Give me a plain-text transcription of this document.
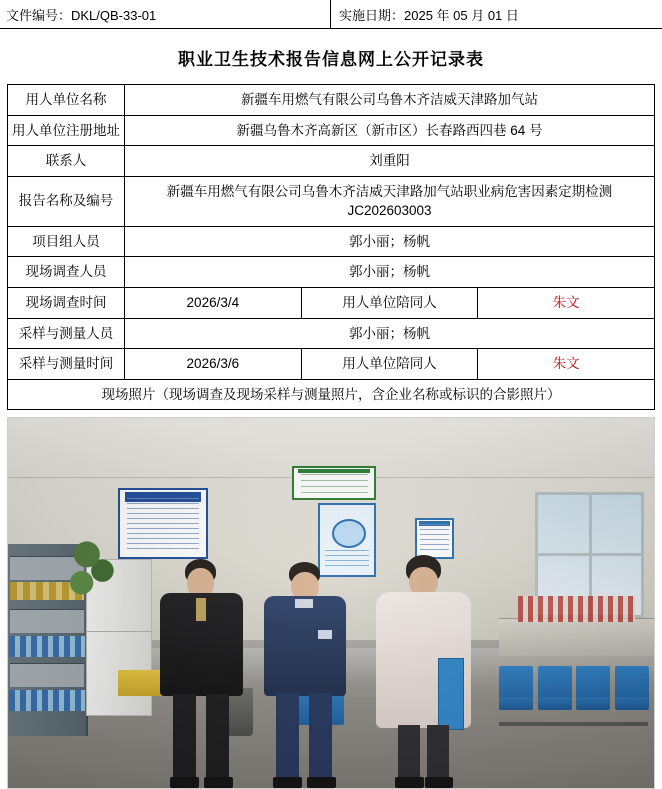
文件编号：DKL/QB-33-01	实施日期：2025 年 05 月 01 日
职业卫生技术报告信息网上公开记录表
用人单位名称	新疆车用燃气有限公司乌鲁木齐洁威天津路加气站		
用人单位注册地址	新疆乌鲁木齐高新区（新市区）长春路西四巷 64 号		
联系人	刘重阳		
报告名称及编号	新疆车用燃气有限公司乌鲁木齐洁威天津路加气站职业病危害因素定期检测
JC202603003		

项目组人员	郭小丽；杨帆		
现场调查人员	郭小丽；杨帆		
现场调查时间	2026/3/4	用人单位陪同人	朱文
采样与测量人员	郭小丽；杨帆		
采样与测量时间	2026/3/6	用人单位陪同人	朱文
现场照片（现场调查及现场采样与测量照片，含企业名称或标识的合影照片）			
